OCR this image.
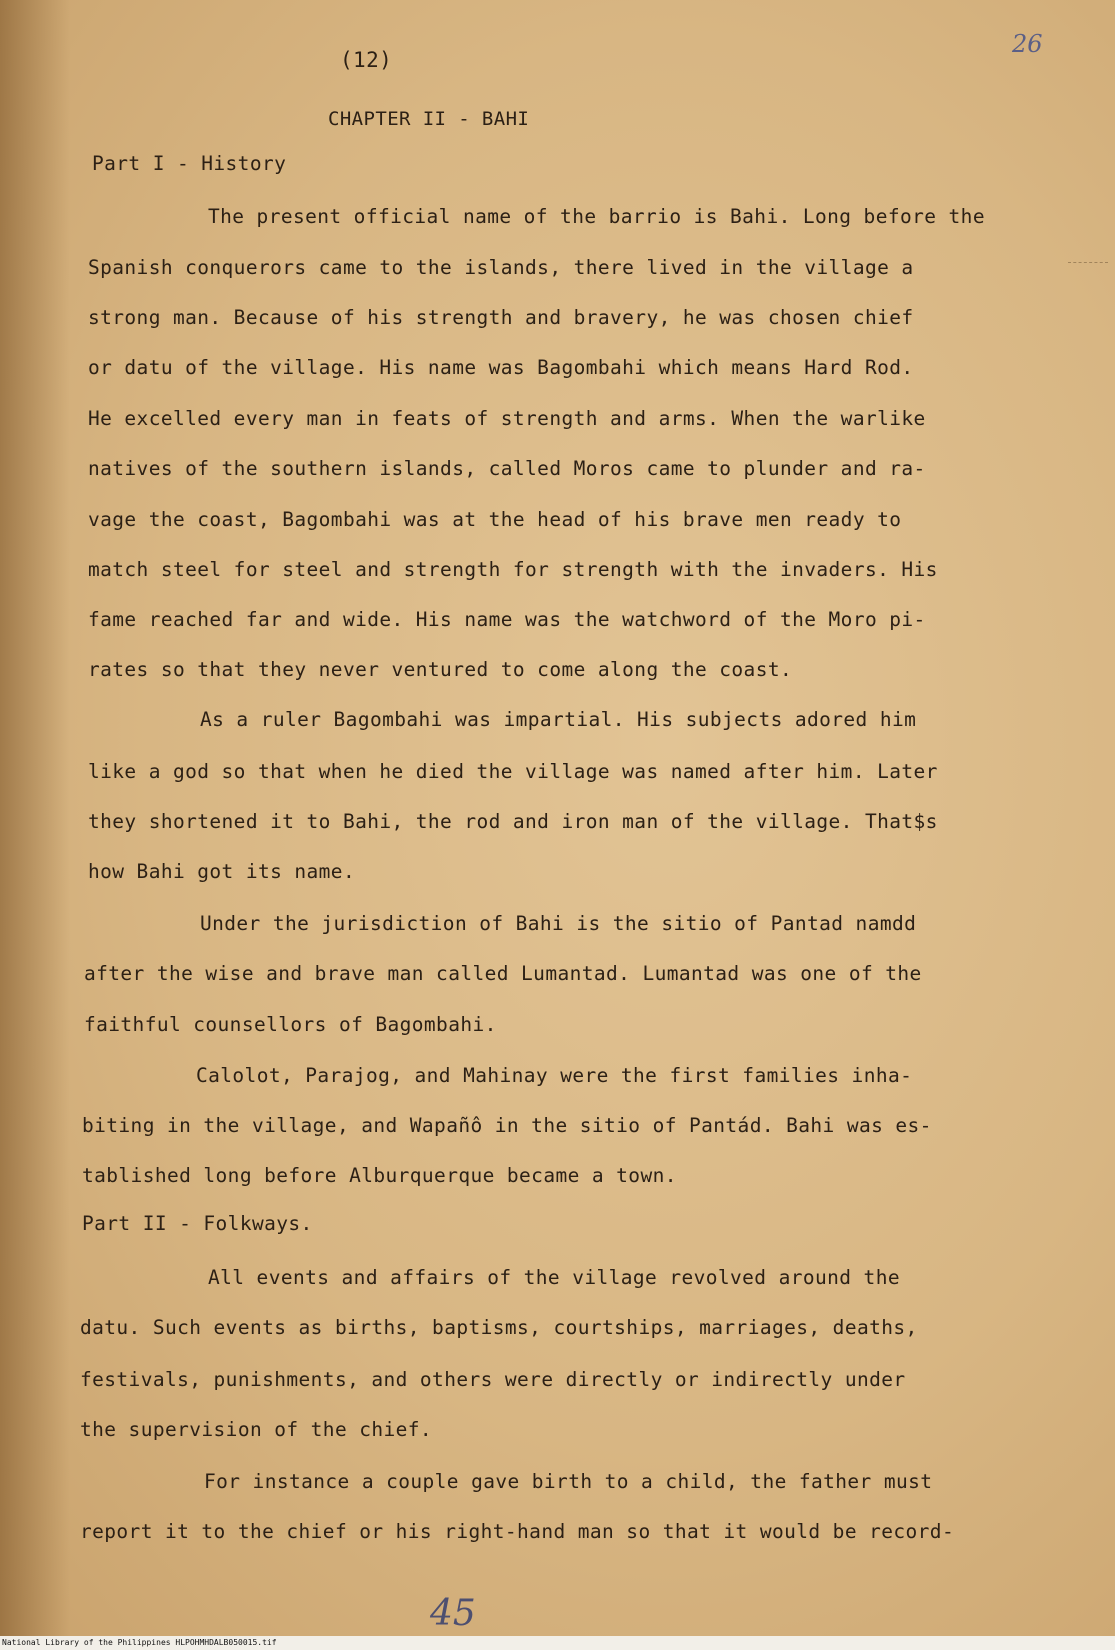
(12)
26
CHAPTER II - BAHI
Part I - History

The present official name of the barrio is Bahi. Long before the

Spanish conquerors came to the islands, there lived in the village a

strong man. Because of his strength and bravery, he was chosen chief

or datu of the village. His name was Bagombahi which means Hard Rod.

He excelled every man in feats of strength and arms. When the warlike

natives of the southern islands, called Moros came to plunder and ra-

vage the coast, Bagombahi was at the head of his brave men ready to

match steel for steel and strength for strength with the invaders. His

fame reached far and wide. His name was the watchword of the Moro pi-

rates so that they never ventured to come along the coast.

As a ruler Bagombahi was impartial. His subjects adored him

like a god so that when he died the village was named after him. Later

they shortened it to Bahi, the rod and iron man of the village. That$s

how Bahi got its name.

Under the jurisdiction of Bahi is the sitio of Pantad namdd

after the wise and brave man called Lumantad. Lumantad was one of the

faithful counsellors of Bagombahi.

Calolot, Parajog, and Mahinay were the first families inha-

biting in the village, and Wapañô in the sitio of Pantád. Bahi was es-

tablished long before Alburquerque became a town.

Part II - Folkways.

All events and affairs of the village revolved around the

datu. Such events as births, baptisms, courtships, marriages, deaths,

festivals, punishments, and others were directly or indirectly under

the supervision of the chief.

For instance a couple gave birth to a child, the father must

report it to the chief or his right-hand man so that it would be record-

45
National Library of the Philippines HLPOHMHDALB050015.tif
